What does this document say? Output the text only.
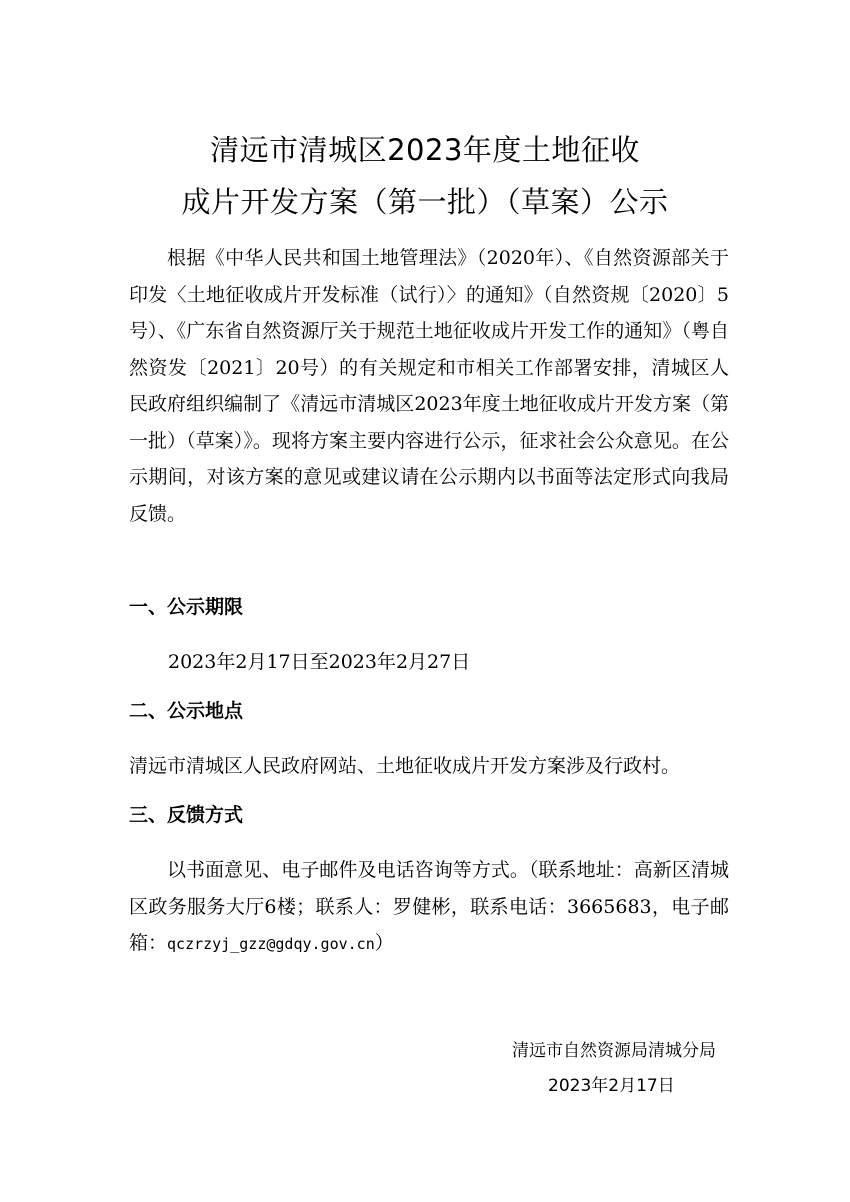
清远市清城区2023年度土地征收
成片开发方案（第一批）（草案）公示
根据《中华人民共和国土地管理法》（2020年）、《自然资源部关于印发〈土地征收成片开发标准（试行）〉的通知》（自然资规〔2020〕5号）、《广东省自然资源厅关于规范土地征收成片开发工作的通知》（粤自然资发〔2021〕20号）的有关规定和市相关工作部署安排，清城区人民政府组织编制了《清远市清城区2023年度土地征收成片开发方案（第一批）（草案）》。现将方案主要内容进行公示，征求社会公众意见。在公示期间，对该方案的意见或建议请在公示期内以书面等法定形式向我局反馈。
一、公示期限
2023年2月17日至2023年2月27日
二、公示地点
清远市清城区人民政府网站、土地征收成片开发方案涉及行政村。
三、反馈方式
以书面意见、电子邮件及电话咨询等方式。（联系地址：高新区清城区政务服务大厅6楼；联系人：罗健彬，联系电话：3665683，电子邮箱：qczrzyj_gzz@gdqy.gov.cn）
清远市自然资源局清城分局
2023年2月17日
